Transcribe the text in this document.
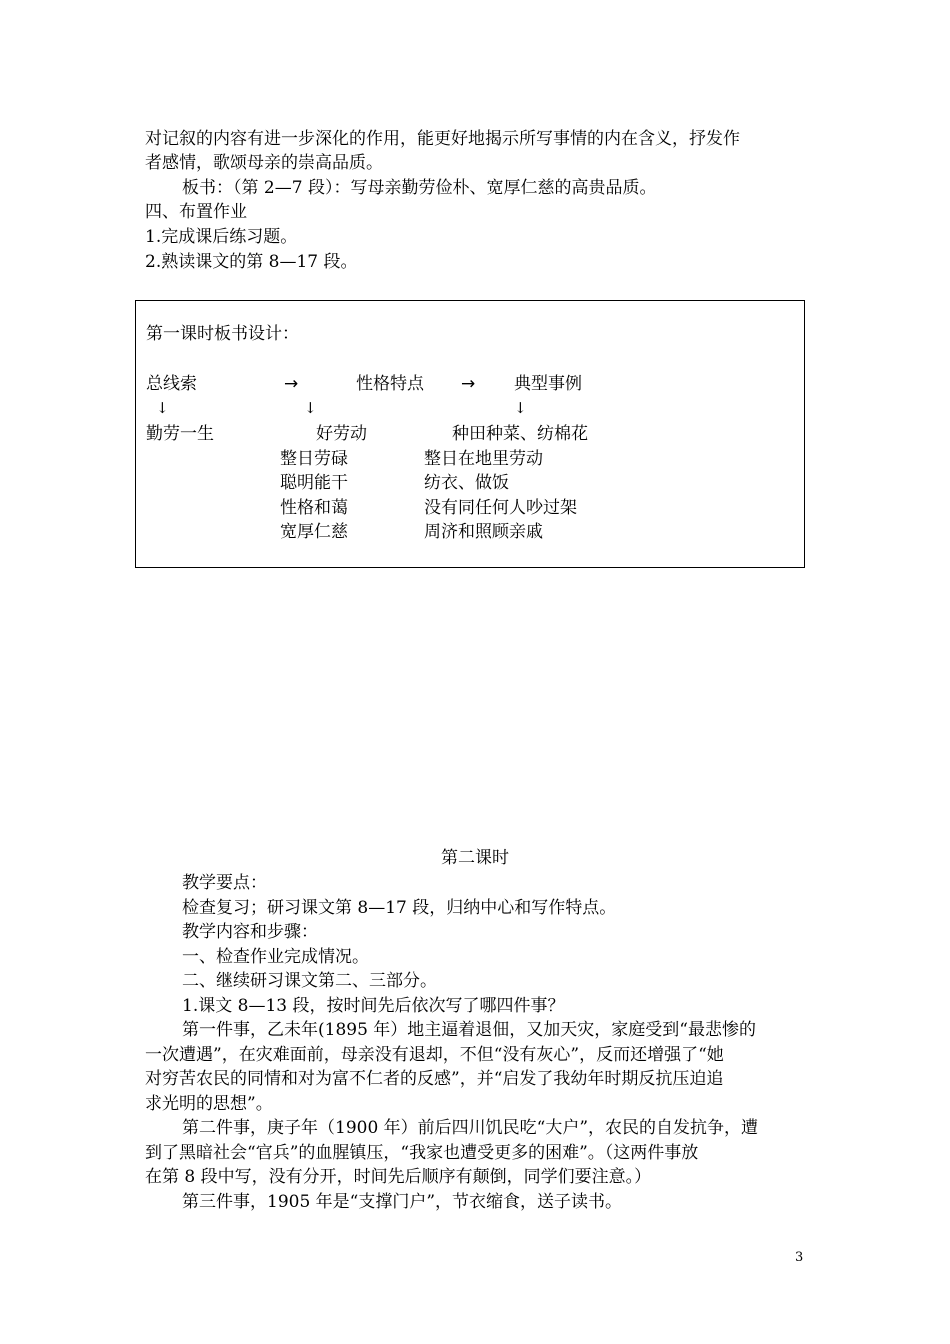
对记叙的内容有进一步深化的作用，能更好地揭示所写事情的内在含义，抒发作
者感情，歌颂母亲的崇高品质。
板书：（第 2—7 段）：写母亲勤劳俭朴、宽厚仁慈的高贵品质。
四、布置作业
1.完成课后练习题。
2.熟读课文的第 8—17 段。
第一课时板书设计：
总线索	→	性格特点 → 典型事例
↓	↓	↓
勤劳一生	好劳动	种田种菜、纺棉花
整日劳碌	整日在地里劳动
聪明能干	纺衣、做饭
性格和蔼	没有同任何人吵过架
宽厚仁慈	周济和照顾亲戚
第二课时
教学要点：
检查复习；研习课文第 8—17 段，归纳中心和写作特点。
教学内容和步骤：
一、检查作业完成情况。
二、继续研习课文第二、三部分。
1.课文 8—13 段，按时间先后依次写了哪四件事？
第一件事，乙未年(1895 年）地主逼着退佃，又加天灾，家庭受到“最悲惨的
一次遭遇”，在灾难面前，母亲没有退却，不但“没有灰心”，反而还增强了“她
对穷苦农民的同情和对为富不仁者的反感”，并“启发了我幼年时期反抗压迫追
求光明的思想”。
第二件事，庚子年（1900 年）前后四川饥民吃“大户”，农民的自发抗争，遭
到了黑暗社会“官兵”的血腥镇压，“我家也遭受更多的困难”。（这两件事放
在第 8 段中写，没有分开，时间先后顺序有颠倒，同学们要注意。）
第三件事，1905 年是“支撑门户”，节衣缩食，送子读书。
3
